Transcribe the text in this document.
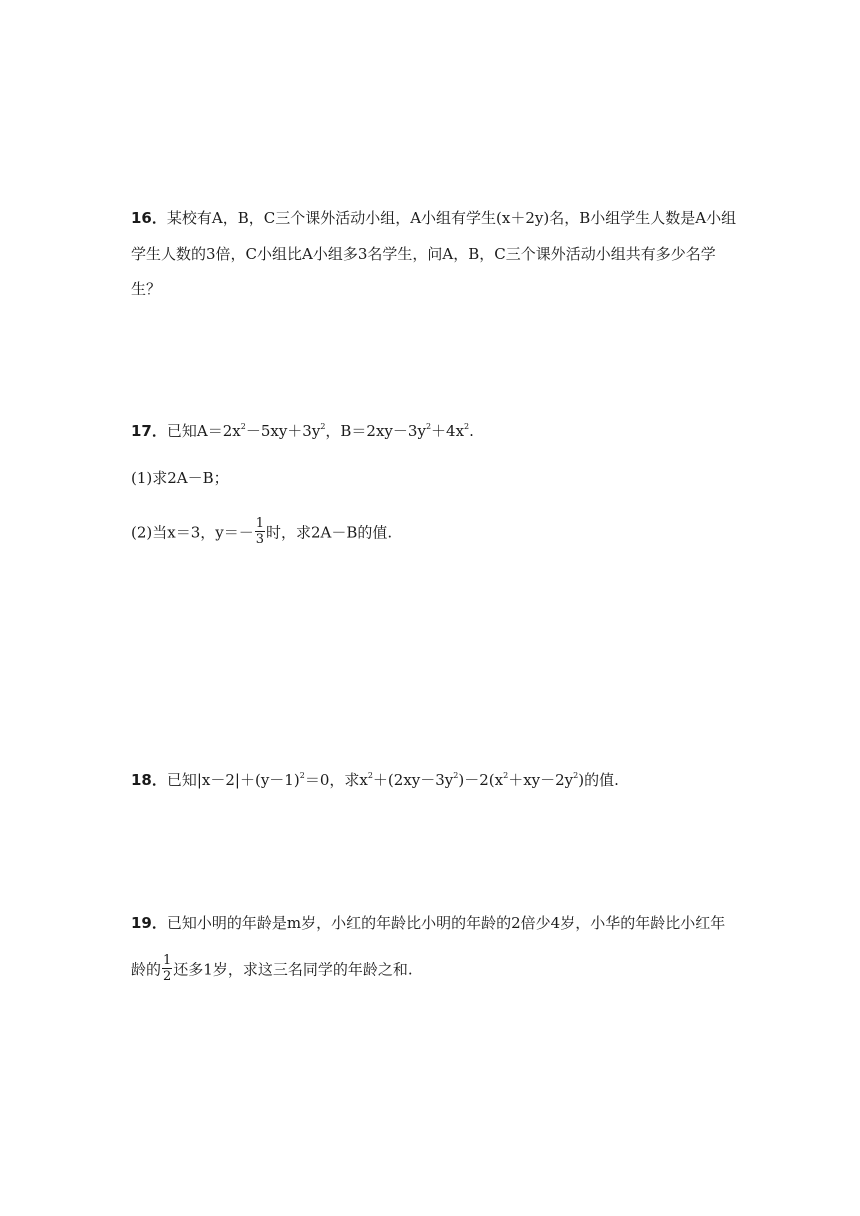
16．某校有A，B，C三个课外活动小组，A小组有学生(x＋2y)名，B小组学生人数是A小组
学生人数的3倍，C小组比A小组多3名学生，问A，B，C三个课外活动小组共有多少名学
生？
17．已知$A=2x^2-5xy+3y^2$，$B=2xy-3y^2+4x^2$.
(1)求2A－B；
(2)当x＝3，$y=- \frac{1}{3}$ 时，求2A－B的值.
18．已知$|x-2|+(y-1)^2=0$，求$x^2+(2xy-3y^2)-2(x^2+xy-2y^2)$的值.
19．已知小明的年龄是m岁，小红的年龄比小明的年龄的2倍少4岁，小华的年龄比小红年
龄的 $\frac{1}{2}$ 还多1岁，求这三名同学的年龄之和.
